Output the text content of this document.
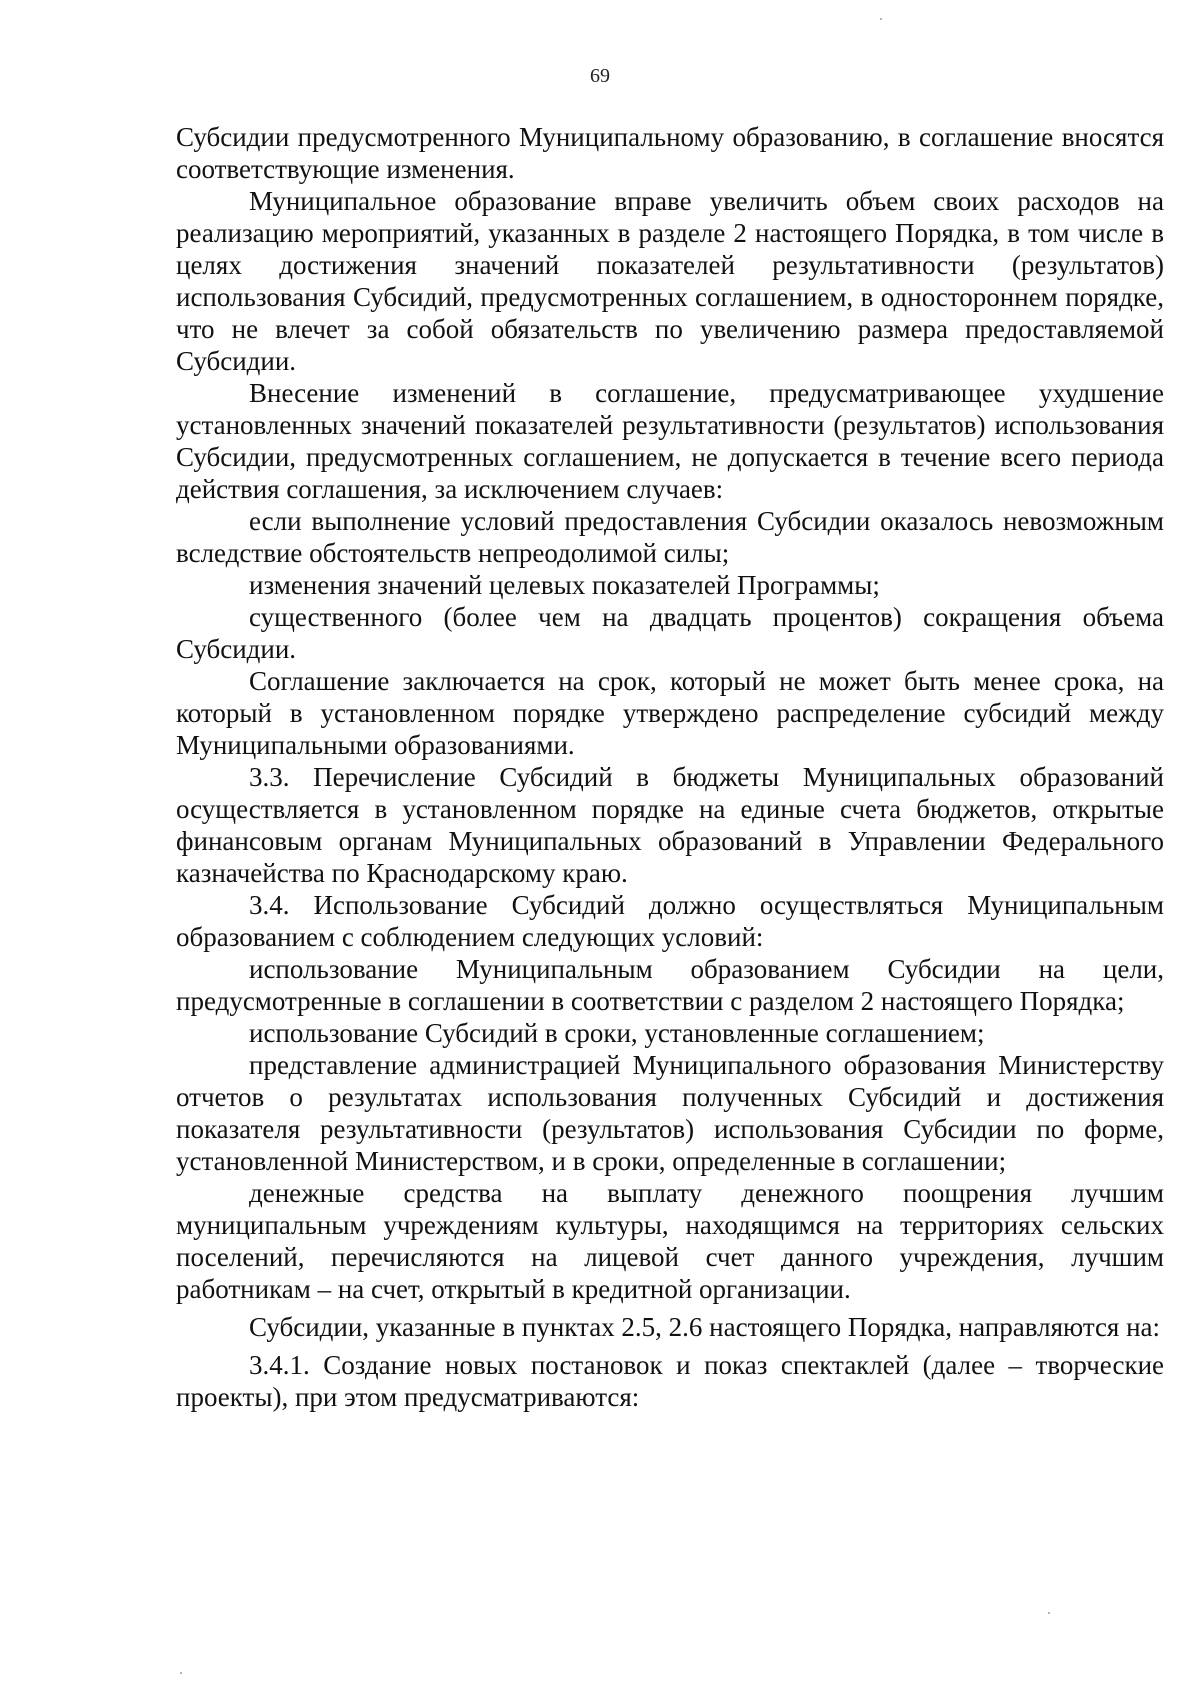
69

Субсидии предусмотренного Муниципальному образованию, в соглашение вносятся соответствующие изменения.

Муниципальное образование вправе увеличить объем своих расходов на реализацию мероприятий, указанных в разделе 2 настоящего Порядка, в том числе в целях достижения значений показателей результативности (результатов) использования Субсидий, предусмотренных соглашением, в одностороннем порядке, что не влечет за собой обязательств по увеличению размера предоставляемой Субсидии.

Внесение изменений в соглашение, предусматривающее ухудшение установленных значений показателей результативности (результатов) использования Субсидии, предусмотренных соглашением, не допускается в течение всего периода действия соглашения, за исключением случаев:

если выполнение условий предоставления Субсидии оказалось невозможным вследствие обстоятельств непреодолимой силы;

изменения значений целевых показателей Программы;

существенного (более чем на двадцать процентов) сокращения объема Субсидии.

Соглашение заключается на срок, который не может быть менее срока, на который в установленном порядке утверждено распределение субсидий между Муниципальными образованиями.

3.3. Перечисление Субсидий в бюджеты Муниципальных образований осуществляется в установленном порядке на единые счета бюджетов, открытые финансовым органам Муниципальных образований в Управлении Федерального казначейства по Краснодарскому краю.

3.4. Использование Субсидий должно осуществляться Муниципальным образованием с соблюдением следующих условий:

использование Муниципальным образованием Субсидии на цели, предусмотренные в соглашении в соответствии с разделом 2 настоящего Порядка;

использование Субсидий в сроки, установленные соглашением;

представление администрацией Муниципального образования Министерству отчетов о результатах использования полученных Субсидий и достижения показателя результативности (результатов) использования Субсидии по форме, установленной Министерством, и в сроки, определенные в соглашении;

денежные средства на выплату денежного поощрения лучшим муниципальным учреждениям культуры, находящимся на территориях сельских поселений, перечисляются на лицевой счет данного учреждения, лучшим работникам – на счет, открытый в кредитной организации.

Субсидии, указанные в пунктах 2.5, 2.6 настоящего Порядка, направляются на:

3.4.1. Создание новых постановок и показ спектаклей (далее – творческие проекты), при этом предусматриваются:
